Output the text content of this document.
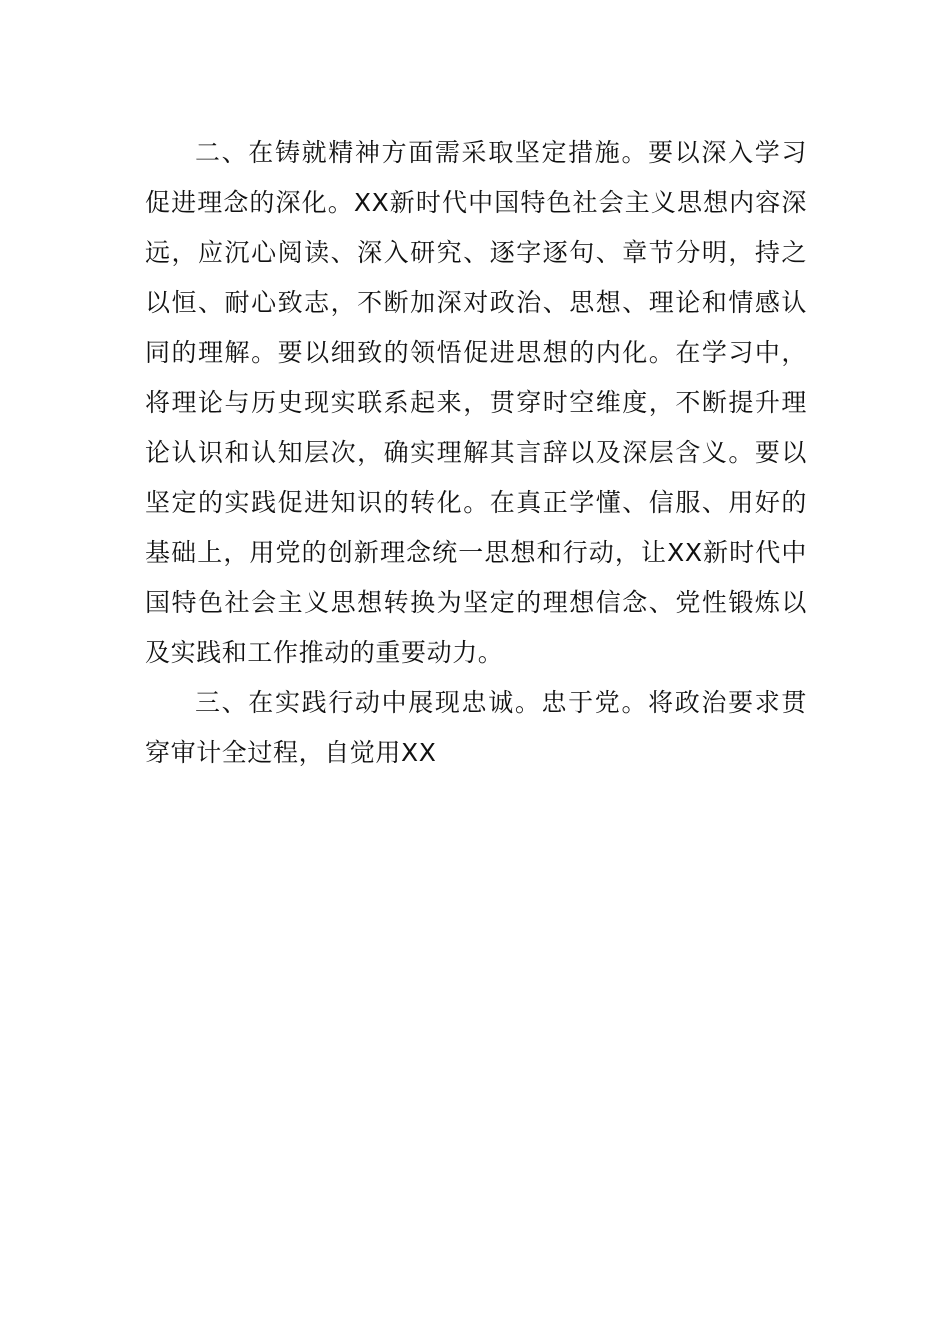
二、在铸就精神方面需采取坚定措施。要以深入学习促进理念的深化。XX新时代中国特色社会主义思想内容深远，应沉心阅读、深入研究、逐字逐句、章节分明，持之以恒、耐心致志，不断加深对政治、思想、理论和情感认同的理解。要以细致的领悟促进思想的内化。在学习中，将理论与历史现实联系起来，贯穿时空维度，不断提升理论认识和认知层次，确实理解其言辞以及深层含义。要以坚定的实践促进知识的转化。在真正学懂、信服、用好的基础上，用党的创新理念统一思想和行动，让XX新时代中国特色社会主义思想转换为坚定的理想信念、党性锻炼以及实践和工作推动的重要动力。

三、在实践行动中展现忠诚。忠于党。将政治要求贯穿审计全过程，自觉用XX
